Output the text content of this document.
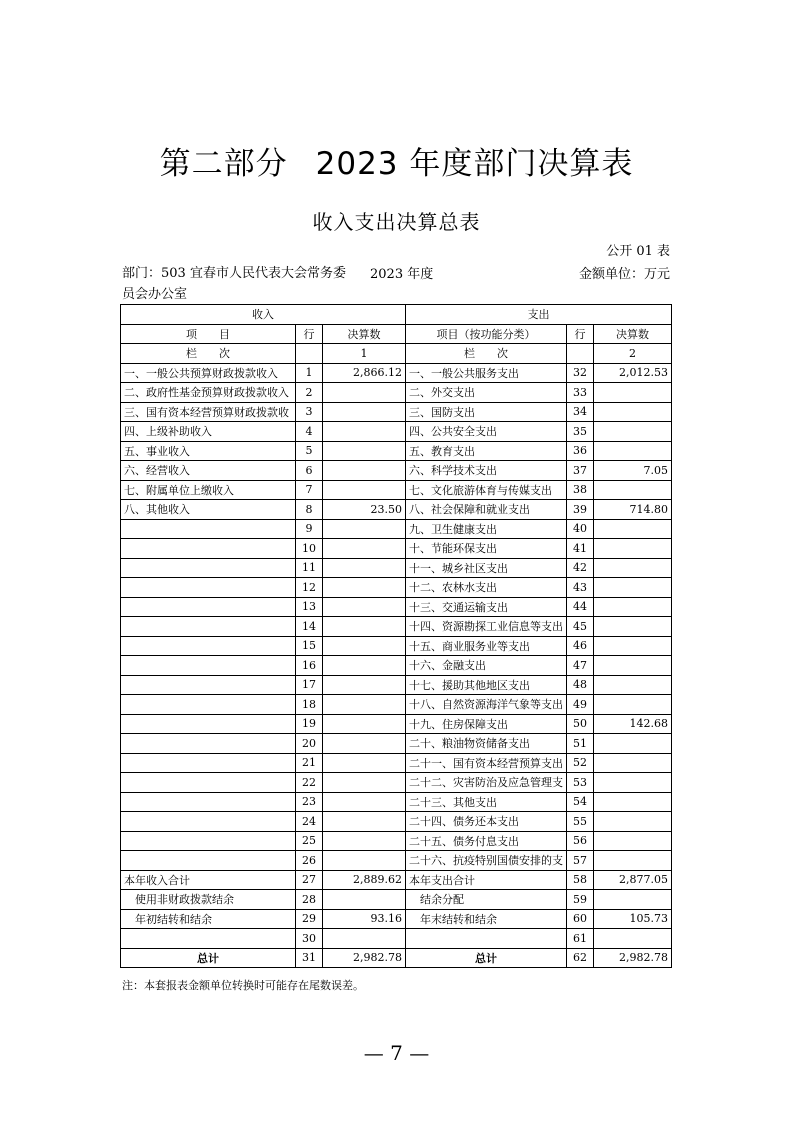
第二部分 2023 年度部门决算表
收入支出决算总表
公开 01 表
部门：503 宜春市人民代表大会常务委员会办公室
2023 年度	金额单位：万元
收入			支出		
项　　目	行	决算数	项目（按功能分类）	行	决算数
栏　　次		1	栏　　次		2
一、一般公共预算财政拨款收入	1	2,866.12	一、一般公共服务支出	32	2,012.53
二、政府性基金预算财政拨款收入	2		二、外交支出	33	
三、国有资本经营预算财政拨款收	3		三、国防支出	34	
四、上级补助收入	4		四、公共安全支出	35	
五、事业收入	5		五、教育支出	36	
六、经营收入	6		六、科学技术支出	37	7.05
七、附属单位上缴收入	7		七、文化旅游体育与传媒支出	38	
八、其他收入	8	23.50	八、社会保障和就业支出	39	714.80
	9		九、卫生健康支出	40	
	10		十、节能环保支出	41	
	11		十一、城乡社区支出	42	
	12		十二、农林水支出	43	
	13		十三、交通运输支出	44	
	14		十四、资源勘探工业信息等支出	45	
	15		十五、商业服务业等支出	46	
	16		十六、金融支出	47	
	17		十七、援助其他地区支出	48	
	18		十八、自然资源海洋气象等支出	49	
	19		十九、住房保障支出	50	142.68
	20		二十、粮油物资储备支出	51	
	21		二十一、国有资本经营预算支出	52	
	22		二十二、灾害防治及应急管理支	53	
	23		二十三、其他支出	54	
	24		二十四、债务还本支出	55	
	25		二十五、债务付息支出	56	
	26		二十六、抗疫特别国债安排的支	57	
本年收入合计	27	2,889.62	本年支出合计	58	2,877.05
　使用非财政拨款结余	28		　结余分配	59	
　年初结转和结余	29	93.16	　年末结转和结余	60	105.73
	30			61	
总计	31	2,982.78	总计	62	2,982.78
注：本套报表金额单位转换时可能存在尾数误差。
— 7 —
